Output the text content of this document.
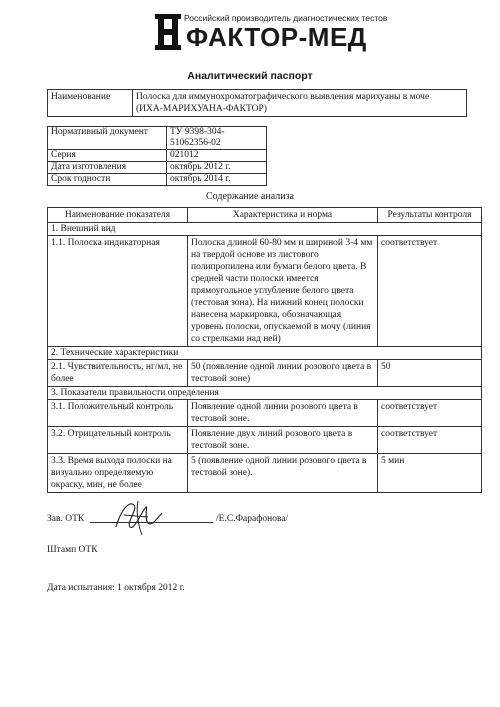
Российский производитель диагностических тестов
ФАКТОР-МЕД
Аналитический паспорт
Наименование	Полоска для иммунохроматографического выявления марихуаны в моче
(ИХА-МАРИХУАНА-ФАКТОР)
Нормативный документ	ТУ 9398-304-51062356-02
Серия	021012
Дата изготовления	октябрь 2012 г.
Срок годности	октябрь 2014 г.
Содержание анализа
Наименование показателя	Характеристика и норма	Результаты контроля
1. Внешний вид		
1.1. Полоска индикаторная	Полоска длиной 60-80 мм и шириной 3-4 мм на твердой основе из листового полипропилена или бумаги белого цвета. В средней части полоски имеется прямоугольное углубление белого цвета (тестовая зона). На нижний конец полоски нанесена маркировка, обозначающая уровень полоски, опускаемой в мочу (линия со стрелками над ней)	соответствует
2. Технические характеристики		
2.1. Чувствительность, нг/мл, не более	50 (появление одной линии розового цвета в тестовой зоне)	50
3. Показатели правильности определения		
3.1. Положительный контроль	Появление одной линии розового цвета в тестовой зоне.	соответствует
3.2. Отрицательный контроль	Появление двух линий розового цвета в тестовой зоне.	соответствует
3.3. Время выхода полоски на визуально определяемую окраску, мин, не более	5 (появление одной линии розового цвета в тестовой зоне).	5 мин
Зав. ОТК	/Е.С.Фарафонова/
Штамп ОТК
Дата испытания: 1 октября 2012 г.
